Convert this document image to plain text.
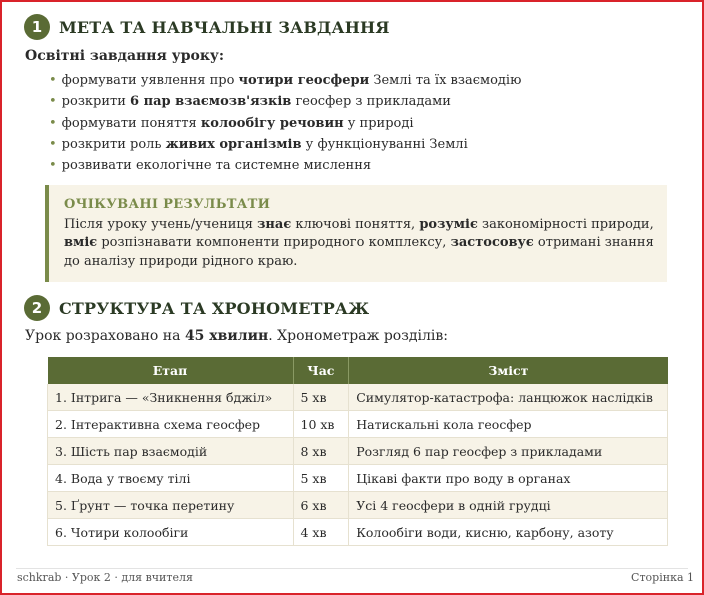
1	МЕТА ТА НАВЧАЛЬНІ ЗАВДАННЯ
Освітні завдання уроку:
• формувати уявлення про чотири геосфери Землі та їх взаємодію
• розкрити 6 пар взаємозв'язків геосфер з прикладами
• формувати поняття колообігу речовин у природі
• розкрити роль живих організмів у функціонуванні Землі
• розвивати екологічне та системне мислення
ОЧІКУВАНІ РЕЗУЛЬТАТИ
Після уроку учень/учениця знає ключові поняття, розуміє закономірності природи, вміє розпізнавати компоненти природного комплексу, застосовує отримані знання до аналізу природи рідного краю.
2	СТРУКТУРА ТА ХРОНОМЕТРАЖ
Урок розраховано на 45 хвилин. Хронометраж розділів:
Етап	Час	Зміст
1. Інтрига — «Зникнення бджіл»	5 хв	Симулятор-катастрофа: ланцюжок наслідків
2. Інтерактивна схема геосфер	10 хв	Натискальні кола геосфер
3. Шість пар взаємодій	8 хв	Розгляд 6 пар геосфер з прикладами
4. Вода у твоєму тілі	5 хв	Цікаві факти про воду в органах
5. Ґрунт — точка перетину	6 хв	Усі 4 геосфери в одній грудці
6. Чотири колообіги	4 хв	Колообіги води, кисню, карбону, азоту
schkrab · Урок 2 · для вчителя	Сторінка 1
